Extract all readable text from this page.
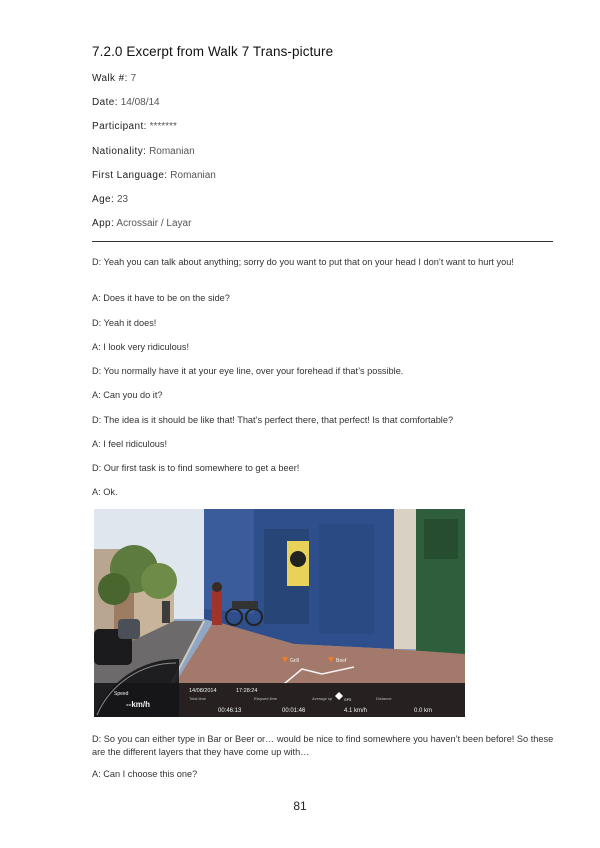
7.2.0 Excerpt from Walk 7 Trans-picture
Walk #: 7
Date: 14/08/14
Participant: *******
Nationality: Romanian
First Language: Romanian
Age: 23
App: Acrossair / Layar
D: Yeah you can talk about anything; sorry do you want to put that on your head I don’t want to hurt you!
A: Does it have to be on the side?
D: Yeah it does!
A: I look very ridiculous!
D: You normally have it at your eye line, over your forehead if that’s possible.
A: Can you do it?
D: The idea is it should be like that! That’s perfect there, that perfect! Is that comfortable?
A: I feel ridiculous!
D: Our first task is to find somewhere to get a beer!
A: Ok.
Grill	Beef
Speed
--km/h
14/08/2014	17:28:24
Total time	Elapsed time	Average sp	Distance
GPS
00:46:13	00:01:46	4.1 km/h	0.0 km
D: So you can either type in Bar or Beer or… would be nice to find somewhere you haven’t been before! So these are the different layers that they have come up with…
A: Can I choose this one?
81
